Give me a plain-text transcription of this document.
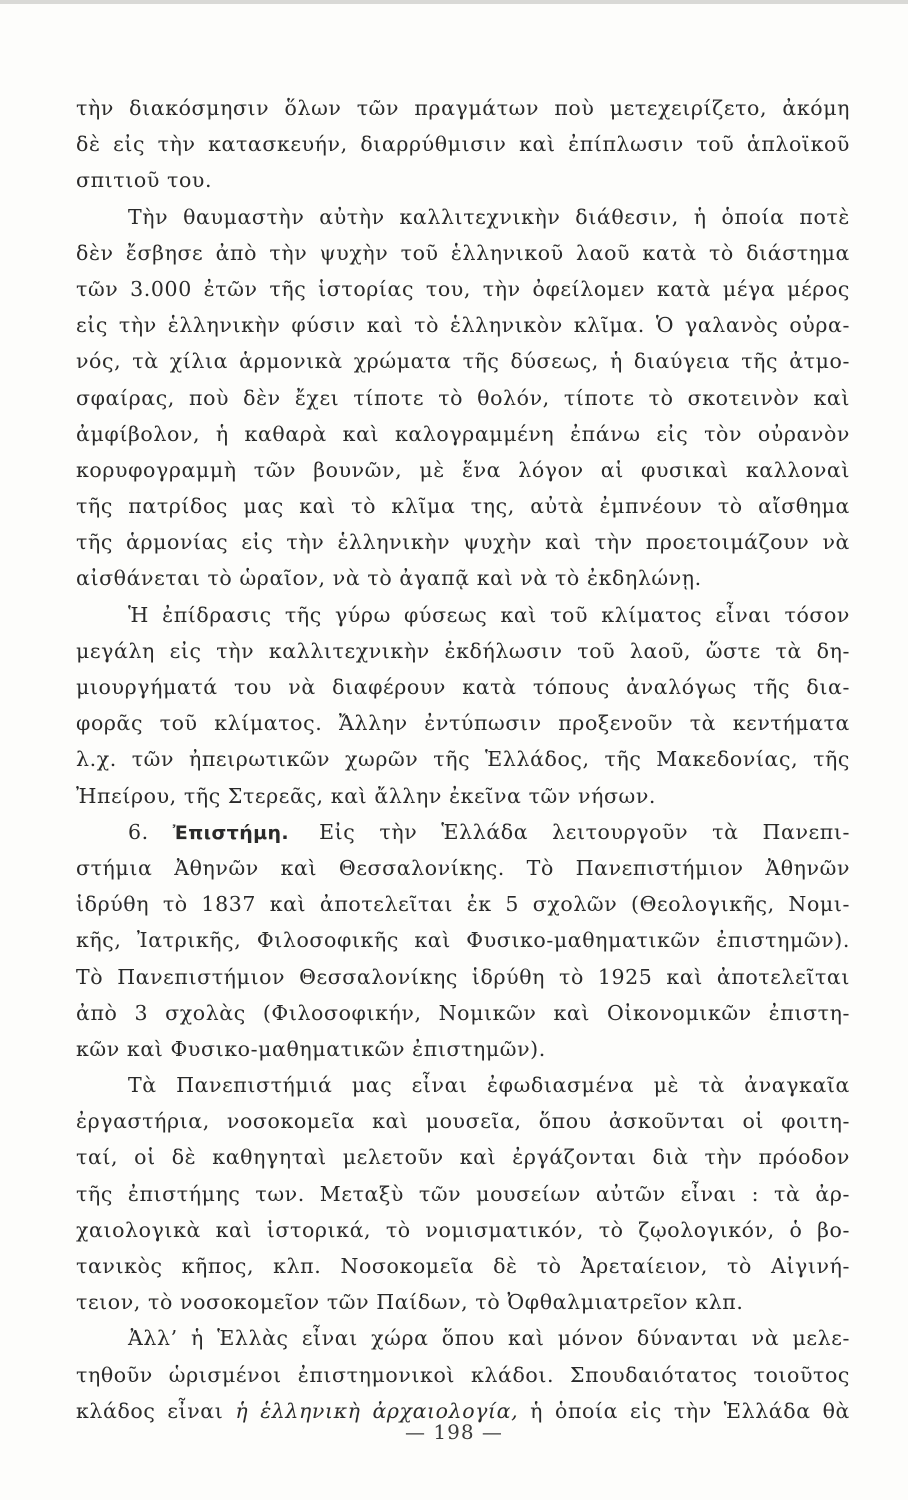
τὴν διακόσμησιν ὅλων τῶν πραγμάτων ποὺ μετεχειρίζετο, ἀκόμη
δὲ εἰς τὴν κατασκευήν, διαρρύθμισιν καὶ ἐπίπλωσιν τοῦ ἁπλοϊκοῦ
σπιτιοῦ του.
Τὴν θαυμαστὴν αὐτὴν καλλιτεχνικὴν διάθεσιν, ἡ ὁποία ποτὲ
δὲν ἔσβησε ἀπὸ τὴν ψυχὴν τοῦ ἑλληνικοῦ λαοῦ κατὰ τὸ διάστημα
τῶν 3.000 ἐτῶν τῆς ἱστορίας του, τὴν ὀφείλομεν κατὰ μέγα μέρος
εἰς τὴν ἑλληνικὴν φύσιν καὶ τὸ ἑλληνικὸν κλῖμα. Ὁ γαλανὸς οὐρα-
νός, τὰ χίλια ἁρμονικὰ χρώματα τῆς δύσεως, ἡ διαύγεια τῆς ἀτμο-
σφαίρας, ποὺ δὲν ἔχει τίποτε τὸ θολόν, τίποτε τὸ σκοτεινὸν καὶ
ἀμφίβολον, ἡ καθαρὰ καὶ καλογραμμένη ἐπάνω εἰς τὸν οὐρανὸν
κορυφογραμμὴ τῶν βουνῶν, μὲ ἕνα λόγον αἱ φυσικαὶ καλλοναὶ
τῆς πατρίδος μας καὶ τὸ κλῖμα της, αὐτὰ ἐμπνέουν τὸ αἴσθημα
τῆς ἁρμονίας εἰς τὴν ἑλληνικὴν ψυχὴν καὶ τὴν προετοιμάζουν νὰ
αἰσθάνεται τὸ ὡραῖον, νὰ τὸ ἀγαπᾷ καὶ νὰ τὸ ἐκδηλώνῃ.
Ἡ ἐπίδρασις τῆς γύρω φύσεως καὶ τοῦ κλίματος εἶναι τόσον
μεγάλη εἰς τὴν καλλιτεχνικὴν ἐκδήλωσιν τοῦ λαοῦ, ὥστε τὰ δη-
μιουργήματά του νὰ διαφέρουν κατὰ τόπους ἀναλόγως τῆς δια-
φορᾶς τοῦ κλίματος. Ἄλλην ἐντύπωσιν προξενοῦν τὰ κεντήματα
λ.χ. τῶν ἠπειρωτικῶν χωρῶν τῆς Ἑλλάδος, τῆς Μακεδονίας, τῆς
Ἠπείρου, τῆς Στερεᾶς, καὶ ἄλλην ἐκεῖνα τῶν νήσων.
6. Ἐπιστήμη. Εἰς τὴν Ἑλλάδα λειτουργοῦν τὰ Πανεπι-
στήμια Ἀθηνῶν καὶ Θεσσαλονίκης. Τὸ Πανεπιστήμιον Ἀθηνῶν
ἱδρύθη τὸ 1837 καὶ ἀποτελεῖται ἐκ 5 σχολῶν (Θεολογικῆς, Νομι-
κῆς, Ἰατρικῆς, Φιλοσοφικῆς καὶ Φυσικο-μαθηματικῶν ἐπιστημῶν).
Τὸ Πανεπιστήμιον Θεσσαλονίκης ἱδρύθη τὸ 1925 καὶ ἀποτελεῖται
ἀπὸ 3 σχολὰς (Φιλοσοφικήν, Νομικῶν καὶ Οἰκονομικῶν ἐπιστη-
κῶν καὶ Φυσικο-μαθηματικῶν ἐπιστημῶν).
Τὰ Πανεπιστήμιά μας εἶναι ἐφωδιασμένα μὲ τὰ ἀναγκαῖα
ἐργαστήρια, νοσοκομεῖα καὶ μουσεῖα, ὅπου ἀσκοῦνται οἱ φοιτη-
ταί, οἱ δὲ καθηγηταὶ μελετοῦν καὶ ἐργάζονται διὰ τὴν πρόοδον
τῆς ἐπιστήμης των. Μεταξὺ τῶν μουσείων αὐτῶν εἶναι : τὰ ἀρ-
χαιολογικὰ καὶ ἱστορικά, τὸ νομισματικόν, τὸ ζῳολογικόν, ὁ βο-
τανικὸς κῆπος, κλπ. Νοσοκομεῖα δὲ τὸ Ἀρεταίειον, τὸ Αἰγινή-
τειον, τὸ νοσοκομεῖον τῶν Παίδων, τὸ Ὀφθαλμιατρεῖον κλπ.
Ἀλλ’ ἡ Ἑλλὰς εἶναι χώρα ὅπου καὶ μόνον δύνανται νὰ μελε-
τηθοῦν ὡρισμένοι ἐπιστημονικοὶ κλάδοι. Σπουδαιότατος τοιοῦτος
κλάδος εἶναι ἡ ἑλληνικὴ ἀρχαιολογία, ἡ ὁποία εἰς τὴν Ἑλλάδα θὰ
— 198 —
